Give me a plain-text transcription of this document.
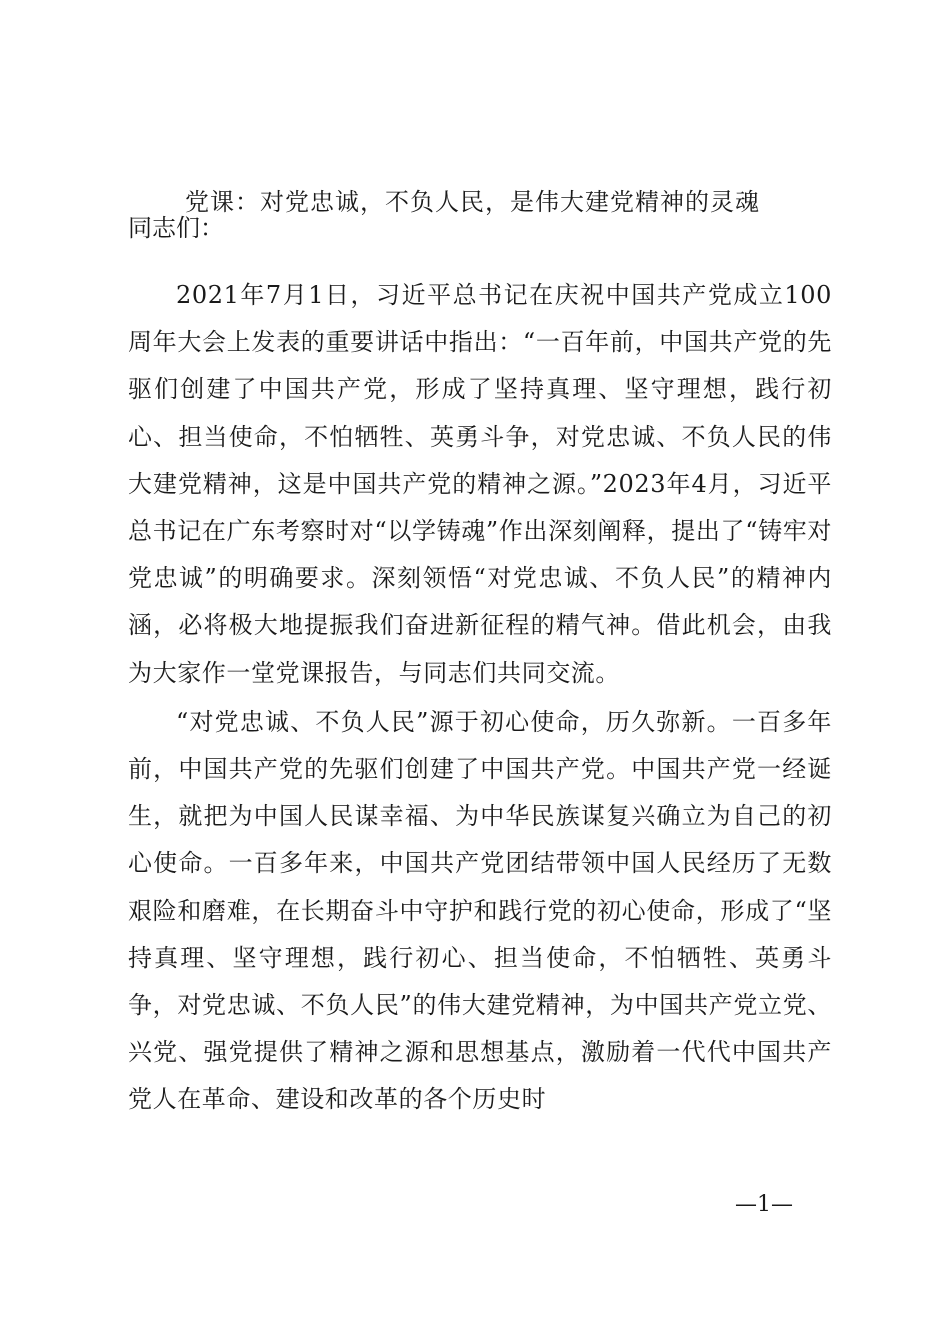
党课：对党忠诚，不负人民，是伟大建党精神的灵魂
同志们：

2021年7月1日，习近平总书记在庆祝中国共产党成立100周年大会上发表的重要讲话中指出：“一百年前，中国共产党的先驱们创建了中国共产党，形成了坚持真理、坚守理想，践行初心、担当使命，不怕牺牲、英勇斗争，对党忠诚、不负人民的伟大建党精神，这是中国共产党的精神之源。”2023年4月，习近平总书记在广东考察时对“以学铸魂”作出深刻阐释，提出了“铸牢对党忠诚”的明确要求。深刻领悟“对党忠诚、不负人民”的精神内涵，必将极大地提振我们奋进新征程的精气神。借此机会，由我为大家作一堂党课报告，与同志们共同交流。

“对党忠诚、不负人民”源于初心使命，历久弥新。一百多年前，中国共产党的先驱们创建了中国共产党。中国共产党一经诞生，就把为中国人民谋幸福、为中华民族谋复兴确立为自己的初心使命。一百多年来，中国共产党团结带领中国人民经历了无数艰险和磨难，在长期奋斗中守护和践行党的初心使命，形成了“坚持真理、坚守理想，践行初心、担当使命，不怕牺牲、英勇斗争，对党忠诚、不负人民”的伟大建党精神，为中国共产党立党、兴党、强党提供了精神之源和思想基点，激励着一代代中国共产党人在革命、建设和改革的各个历史时

—1—
